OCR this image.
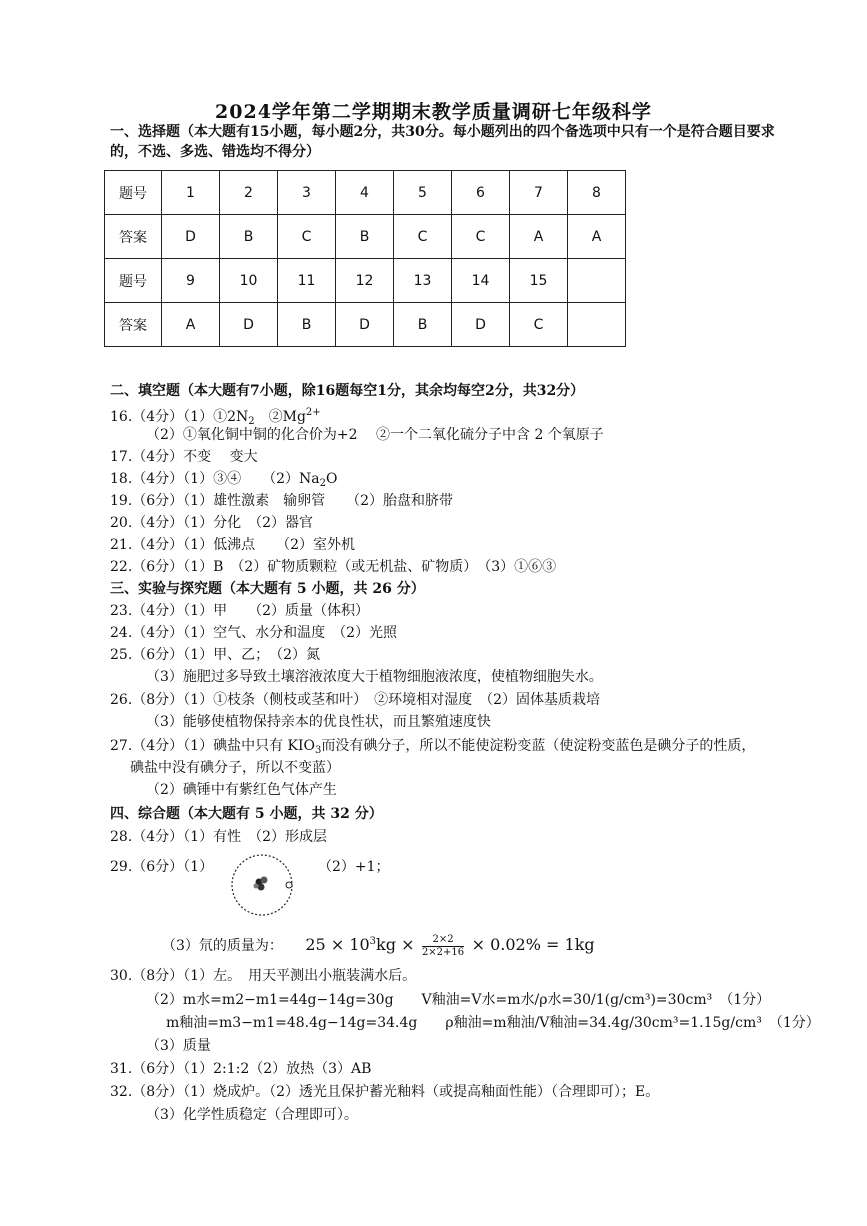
2024学年第二学期期末教学质量调研七年级科学
一、选择题（本大题有15小题，每小题2分，共30分。每小题列出的四个备选项中只有一个是符合题目要求
的，不选、多选、错选均不得分）
题号	1	2	3	4	5	6	7	8
答案	D	B	C	B	C	C	A	A
题号	9	10	11	12	13	14	15	
答案	A	D	B	D	B	D	C	
二、填空题（本大题有7小题，除16题每空1分，其余均每空2分，共32分）
16.（4分）$(1)①2N_2$　 $②Mg^{2+}$
（2）①氧化铜中铜的化合价为+2　 ②一个二氧化硫分子中含 2 个氧原子
17.（4分）不变　 变大
18.（4分）（1）③④　　$(2)Na_2O$
19.（6分）（1）雄性激素　输卵管　　（2）胎盘和脐带
20.（4分）（1）分化　（2）器官
21.（4分）（1）低沸点　　（2）室外机
22.（6分）（1）B　（2）矿物质颗粒（或无机盐、矿物质）　（3）①⑥③
三、实验与探究题（本大题有 5 小题，共 26 分）
23.（4分）（1）甲　　（2）质量（体积）
24.（4分）（1）空气、水分和温度　（2）光照
25.（6分）（1）甲、乙；　（2）氮
（3）施肥过多导致土壤溶液浓度大于植物细胞液浓度，使植物细胞失水。
26.（8分）（1）①枝条（侧枝或茎和叶）　②环境相对湿度　（2）固体基质栽培
（3）能够使植物保持亲本的优良性状，而且繁殖速度快
27.（4分）（1）碘盐中只有 $KIO_3$而没有碘分子，所以不能使淀粉变蓝（使淀粉变蓝色是碘分子的性质，
碘盐中没有碘分子，所以不变蓝）
（2）碘锤中有紫红色气体产生
四、综合题（本大题有 5 小题，共 32 分）
28.（4分）（1）有性　（2）形成层
29.（6分）（1）	（2）+1；
（3）氘的质量为： $25 \times 10^3kg \times \frac{2\times 2}{2\times 2+16} \times 0.02\% = 1kg$
30.（8分）（1）左。　用天平测出小瓶装满水后。
（2）m水=m2−m1=44g−14g=30g　　V釉油=V水=m水/ρ水=30/1(g/cm³)=30cm³　（1分）
m釉油=m3−m1=48.4g−14g=34.4g　　ρ釉油=m釉油/V釉油=34.4g/30cm³=1.15g/cm³　（1分）
（3）质量
31.（6分）（1）2:1:2（2）放热（3）AB
32.（8分）（1）烧成炉。（2）透光且保护蓄光釉料（或提高釉面性能）（合理即可）；E。
（3）化学性质稳定（合理即可）。
